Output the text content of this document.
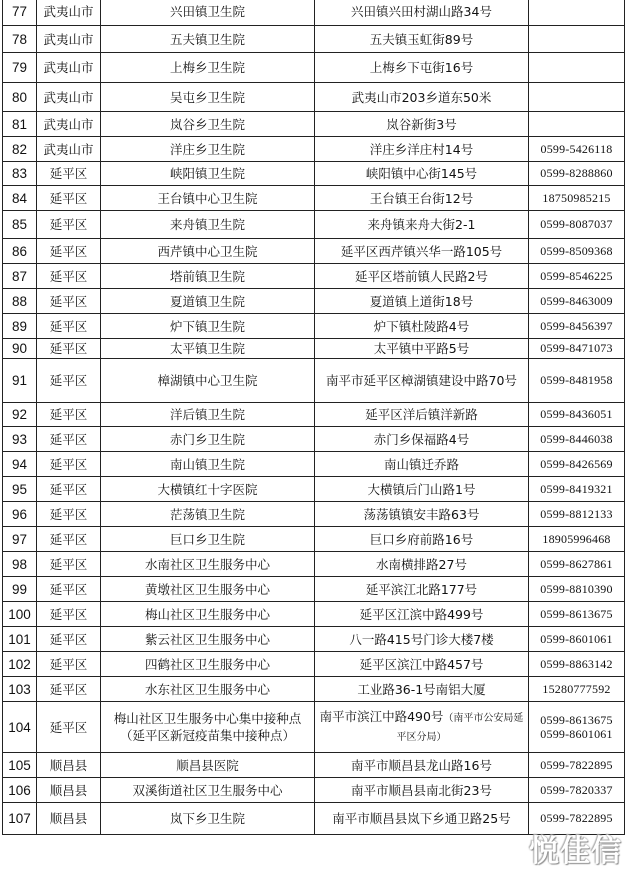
77	武夷山市	兴田镇卫生院	兴田镇兴田村湖山路34号	
78	武夷山市	五夫镇卫生院	五夫镇玉虹街89号	
79	武夷山市	上梅乡卫生院	上梅乡下屯街16号	
80	武夷山市	吴屯乡卫生院	武夷山市203乡道东50米	
81	武夷山市	岚谷乡卫生院	岚谷新街3号	
82	武夷山市	洋庄乡卫生院	洋庄乡洋庄村14号	0599-5426118
83	延平区	峡阳镇卫生院	峡阳镇中心街145号	0599-8288860
84	延平区	王台镇中心卫生院	王台镇王台街12号	18750985215
85	延平区	来舟镇卫生院	来舟镇来舟大街2-1	0599-8087037
86	延平区	西芹镇中心卫生院	延平区西芹镇兴华一路105号	0599-8509368
87	延平区	塔前镇卫生院	延平区塔前镇人民路2号	0599-8546225
88	延平区	夏道镇卫生院	夏道镇上道街18号	0599-8463009
89	延平区	炉下镇卫生院	炉下镇杜陵路4号	0599-8456397
90	延平区	太平镇卫生院	太平镇中平路5号	0599-8471073
91	延平区	樟湖镇中心卫生院	南平市延平区樟湖镇建设中路70号	0599-8481958
92	延平区	洋后镇卫生院	延平区洋后镇洋新路	0599-8436051
93	延平区	赤门乡卫生院	赤门乡保福路4号	0599-8446038
94	延平区	南山镇卫生院	南山镇迁乔路	0599-8426569
95	延平区	大横镇红十字医院	大横镇后门山路1号	0599-8419321
96	延平区	茫荡镇卫生院	荡荡镇镇安丰路63号	0599-8812133
97	延平区	巨口乡卫生院	巨口乡府前路16号	18905996468
98	延平区	水南社区卫生服务中心	水南横排路27号	0599-8627861
99	延平区	黄墩社区卫生服务中心	延平滨江北路177号	0599-8810390
100	延平区	梅山社区卫生服务中心	延平区江滨中路499号	0599-8613675
101	延平区	紫云社区卫生服务中心	八一路415号门诊大楼7楼	0599-8601061
102	延平区	四鹤社区卫生服务中心	延平区滨江中路457号	0599-8863142
103	延平区	水东社区卫生服务中心	工业路36-1号南铝大厦	15280777592
104	延平区	梅山社区卫生服务中心集中接种点（延平区新冠疫苗集中接种点）	南平市滨江中路490号（南平市公安局延平区分局）	0599-8613675
0599-8601061

105	顺昌县	顺昌县医院	南平市顺昌县龙山路16号	0599-7822895
106	顺昌县	双溪街道社区卫生服务中心	南平市顺昌县南北街23号	0599-7820337
107	顺昌县	岚下乡卫生院	南平市顺昌县岚下乡通卫路25号	0599-7822895
悦佳信
